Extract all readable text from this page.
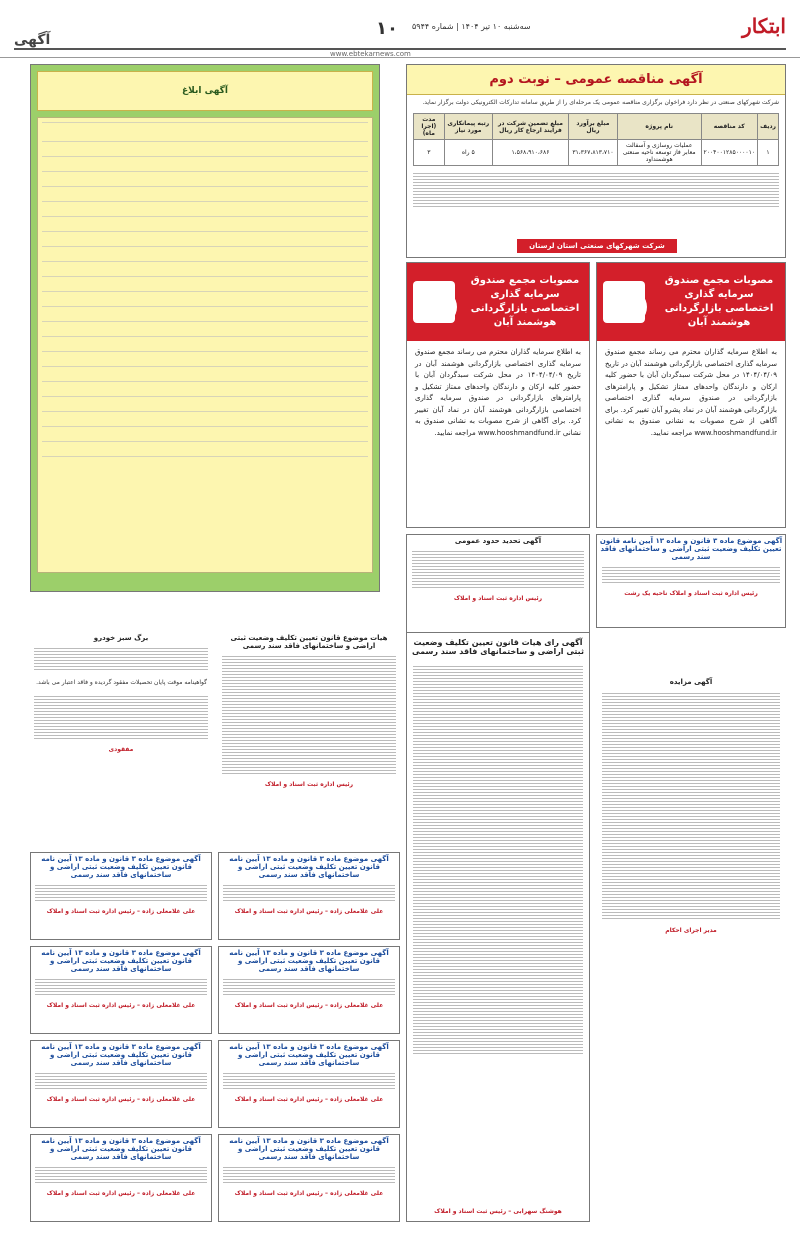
ابتکار
سه‌شنبه ۱۰ تیر ۱۴۰۴ | شماره ۵۹۴۴
۱۰
آگهی
www.ebtekarnews.com
آگهی مناقصه عمومی – نوبت دوم
شرکت شهرکهای صنعتی در نظر دارد فراخوان برگزاری مناقصه عمومی یک مرحله‌ای را از طریق سامانه تدارکات الکترونیکی دولت برگزار نماید.
ردیف	کد مناقصه	نام پروژه	مبلغ برآورد ریال	مبلغ تضمین شرکت در فرآیند ارجاع کار ریال	رتبه پیمانکاری مورد نیاز	مدت (اجرا ماه)
۱	۲۰۰۴۰۰۱۲۸۵۰۰۰۰۱۰	عملیات روسازی و آسفالت معابر فاز توسعه ناحیه صنعتی هوشمنداود	۳۱،۳۶۷،۸۱۳،۷۱۰	۱،۵۶۸،۹۱۰،۶۸۶	۵ راه	۳
شرکت شهرکهای صنعتی استان لرستان
آگهی ابلاغ
مصوبات مجمع صندوق سرمایه گذاری اختصاصی بازارگردانی هوشمند آبان
به اطلاع سرمایه گذاران محترم می رساند مجمع صندوق سرمایه گذاری اختصاصی بازارگردانی هوشمند آبان در تاریخ ۱۴۰۴/۰۴/۰۹ در محل شرکت سبدگردان آبان با حضور کلیه ارکان و دارندگان واحدهای ممتاز تشکیل و پارامترهای بازارگردانی در صندوق سرمایه گذاری اختصاصی بازارگردانی هوشمند آبان در نماد پشرو آبان تغییر کرد. برای آگاهی از شرح مصوبات به نشانی صندوق به نشانی www.hooshmandfund.ir مراجعه نمایید.
مصوبات مجمع صندوق سرمایه گذاری اختصاصی بازارگردانی هوشمند آبان
به اطلاع سرمایه گذاران محترم می رساند مجمع صندوق سرمایه گذاری اختصاصی بازارگردانی هوشمند آبان در تاریخ ۱۴۰۴/۰۴/۰۹ در محل شرکت سبدگردان آبان با حضور کلیه ارکان و دارندگان واحدهای ممتاز تشکیل و پارامترهای بازارگردانی در صندوق سرمایه گذاری اختصاصی بازارگردانی هوشمند آبان در نماد آبان تغییر کرد. برای آگاهی از شرح مصوبات به نشانی صندوق به نشانی www.hooshmandfund.ir مراجعه نمایید.
آگهی موضوع ماده ۳ قانون و ماده ۱۳ آیین نامه قانون تعیین تکلیف وضعیت ثبتی اراضی و ساختمانهای فاقد سند رسمی
رئیس اداره ثبت اسناد و املاک ناحیه یک رشت
آگهی تحدید حدود عمومی
رئیس اداره ثبت اسناد و املاک
آگهی مزایده
مدیر اجرای احکام
آگهی رای هیات قانون تعیین تکلیف وضعیت ثبتی اراضی و ساختمانهای فاقد سند رسمی
هوشنگ سهرابی – رئیس ثبت اسناد و املاک
هیات موضوع قانون تعیین تکلیف وضعیت ثبتی اراضی و ساختمانهای فاقد سند رسمی
رئیس اداره ثبت اسناد و املاک
برگ سبز خودرو
گواهینامه موقت پایان تحصیلات مفقود گردیده و فاقد اعتبار می باشد.
مفقودی
آگهی موضوع ماده ۳ قانون و ماده ۱۳ آیین نامه قانون تعیین تکلیف وضعیت ثبتی اراضی و ساختمانهای فاقد سند رسمی
علی غلامعلی زاده – رئیس اداره ثبت اسناد و املاک
آگهی موضوع ماده ۳ قانون و ماده ۱۳ آیین نامه قانون تعیین تکلیف وضعیت ثبتی اراضی و ساختمانهای فاقد سند رسمی
علی غلامعلی زاده – رئیس اداره ثبت اسناد و املاک
آگهی موضوع ماده ۳ قانون و ماده ۱۳ آیین نامه قانون تعیین تکلیف وضعیت ثبتی اراضی و ساختمانهای فاقد سند رسمی
علی غلامعلی زاده – رئیس اداره ثبت اسناد و املاک
آگهی موضوع ماده ۳ قانون و ماده ۱۳ آیین نامه قانون تعیین تکلیف وضعیت ثبتی اراضی و ساختمانهای فاقد سند رسمی
علی غلامعلی زاده – رئیس اداره ثبت اسناد و املاک
آگهی موضوع ماده ۳ قانون و ماده ۱۳ آیین نامه قانون تعیین تکلیف وضعیت ثبتی اراضی و ساختمانهای فاقد سند رسمی
علی غلامعلی زاده – رئیس اداره ثبت اسناد و املاک
آگهی موضوع ماده ۳ قانون و ماده ۱۳ آیین نامه قانون تعیین تکلیف وضعیت ثبتی اراضی و ساختمانهای فاقد سند رسمی
علی غلامعلی زاده – رئیس اداره ثبت اسناد و املاک
آگهی موضوع ماده ۳ قانون و ماده ۱۳ آیین نامه قانون تعیین تکلیف وضعیت ثبتی اراضی و ساختمانهای فاقد سند رسمی
علی غلامعلی زاده – رئیس اداره ثبت اسناد و املاک
آگهی موضوع ماده ۳ قانون و ماده ۱۳ آیین نامه قانون تعیین تکلیف وضعیت ثبتی اراضی و ساختمانهای فاقد سند رسمی
علی غلامعلی زاده – رئیس اداره ثبت اسناد و املاک
